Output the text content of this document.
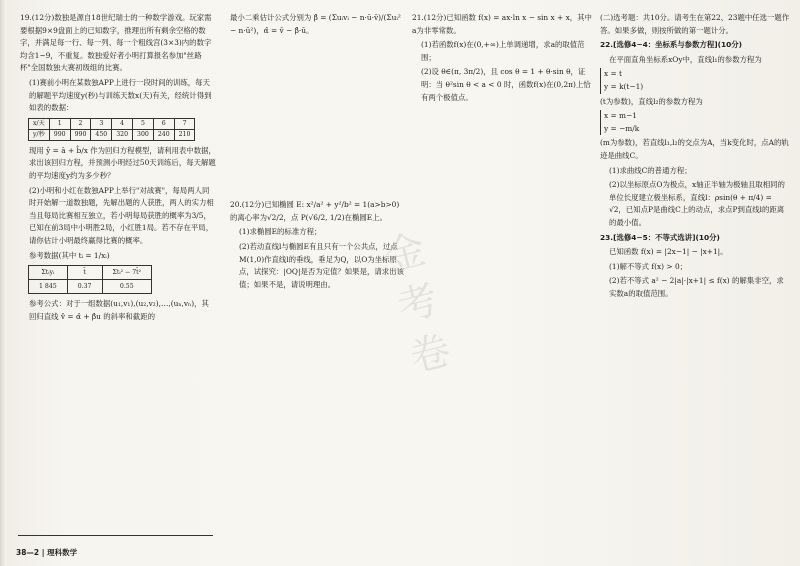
19.(12分)数独是源自18世纪瑞士的一种数学游戏。玩家需要根据9×9盘面上的已知数字，推理出所有剩余空格的数字，并满足每一行、每一列、每一个粗线宫(3×3)内的数字均含1~9，不重复。数独爱好者小明打算报名参加"丝路杯"全国数独大赛初级组的比赛。

(1)赛前小明在某数独APP上进行一段时间的训练，每天的解题平均速度y(秒)与训练天数x(天)有关，经统计得到如表的数据：

x/天	1	2	3	4	5	6	7
y/秒	990	990	450	320	300	240	210

现用 ŷ = â + b̂/x 作为回归方程模型，请利用表中数据，求出该回归方程，并预测小明经过50天训练后，每天解题的平均速度y约为多少秒？

(2)小明和小红在数独APP上举行"对战赛"，每局两人同时开始解一道数独题，先解出题的人获胜，两人的实力相当且每局比赛相互独立，若小明每局获胜的概率为3/5，已知在前3局中小明胜2局，小红胜1局。若不存在平局，请你估计小明最终赢得比赛的概率。

参考数据(其中 tᵢ = 1/xᵢ)

Σtᵢyᵢ	t̄	Σtᵢ² − 7t̄²
1 845	0.37	0.55

参考公式：对于一组数据(u₁,v₁),(u₂,v₂),…,(uₙ,vₙ)，其回归直线 v̂ = α̂ + β̂u 的斜率和截距的

最小二乘估计公式分别为 β̂ = (Σuᵢvᵢ − n·ū·v̄)/(Σuᵢ² − n·ū²)，α̂ = v̄ − β̂·ū。

20.(12分)已知椭圆 E: x²/a² + y²/b² = 1(a>b>0)的离心率为√2/2，点 P(√6/2, 1/2)在椭圆E上。

(1)求椭圆E的标准方程；

(2)若动直线l与椭圆E有且只有一个公共点，过点M(1,0)作直线l的垂线，垂足为Q，以O为坐标原点，试探究：|OQ|是否为定值？如果是，请求出该值；如果不是，请说明理由。

21.(12分)已知函数 f(x) = ax·ln x − sin x + x，其中a为非零常数。

(1)若函数f(x)在(0,+∞)上单调递增，求a的取值范围；

(2)设 θ∈(π, 3π/2)，且 cos θ = 1 + θ·sin θ，证明：当 θ²sin θ < a < 0 时，函数f(x)在(0,2π)上恰有两个极值点。

(二)选考题：共10分。请考生在第22、23题中任选一题作答。如果多做，则按所做的第一题计分。

22.[选修4−4：坐标系与参数方程](10分)

在平面直角坐标系xOy中，直线l₁的参数方程为

x = t
y = k(t−1)

(t为参数)，直线l₂的参数方程为

x = m−1
y = −m/k

(m为参数)，若直线l₁,l₂的交点为A，当k变化时，点A的轨迹是曲线C。

(1)求曲线C的普通方程；

(2)以坐标原点O为极点，x轴正半轴为极轴且取相同的单位长度建立极坐标系，直线l：ρsin(θ + π/4) = √2，已知点P是曲线C上的动点，求点P到直线l的距离的最小值。

23.[选修4−5：不等式选讲](10分)

已知函数 f(x) = |2x−1| − |x+1|。

(1)解不等式 f(x) > 0；

(2)若不等式 a² − 2|a|·|x+1| ≤ f(x) 的解集非空，求实数a的取值范围。

金考卷
38—2 | 理科数学
